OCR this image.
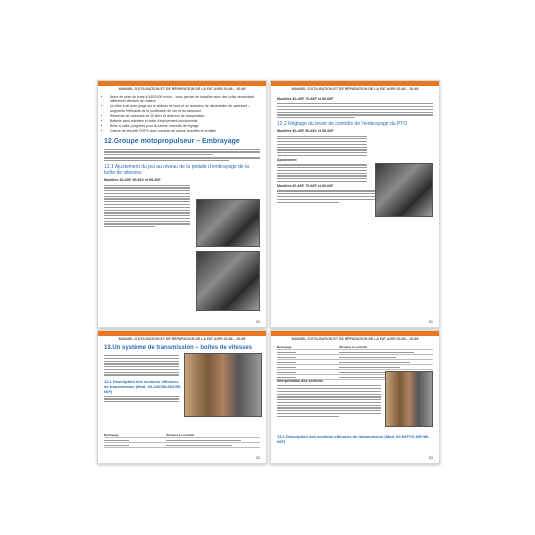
MANUEL D'UTILISATION ET DE RÉPARATION DE LA FAT AGRI 20-66 – 20-66
• Arbre de prise de force à 540/1000 tr/min – vous permet de travailler avec des outils nécessitant différentes vitesses de rotation
• Un filtre à air avec jauge sur le tableau de bord et un recenteur de décantation de carburant – augmente l'efficacité de la purification de l'air et du carburant
• Réservoir de carburant de 45 litres et réservoir de récupération
• Batterie sans entretien et boîte d'équipement fonctionnelle
• Boîte à outils, poignées pour la cabine, manette de réglage
• Cabine de sécurité ROPS avec conseils de cabine chauffée et ventilée
12.Groupe motopropulseur – Embrayage
12.1 Ajustement du jeu au niveau de la pédale d'embrayage de la boîte de vitesses
Modèles 40-40F, 50-66V et 55-66F
50
MANUEL D'UTILISATION ET DE RÉPARATION DE LA FAT AGRI 20-66 – 20-66
Modèles 40-40F, 70-66F et 80-66F
12.2 Réglage du levier de contrôle de l'embrayage du PTO
Modèles 40-40F, 50-66V et 55-66F
Ajustement
Modèles 60-66F, 70-66F et 80-66F
51
MANUEL D'UTILISATION ET DE RÉPARATION DE LA FAT AGRI 20-66 – 20-66
13.Un système de transmission – boîtes de vitesses
13.1 Description des sections efficaces de transmission (Mod. 40-44V/55-66V/55-66F)
Nettoyage	Élément à contrôler
52
MANUEL D'UTILISATION ET DE RÉPARATION DE LA FAT AGRI 20-66 – 20-66
Nettoyage	Élément à contrôler
Interprétation des sections
13.2 Description des sections efficaces de transmission (Mod. 60-66F/70-66F/80-66F)
53
